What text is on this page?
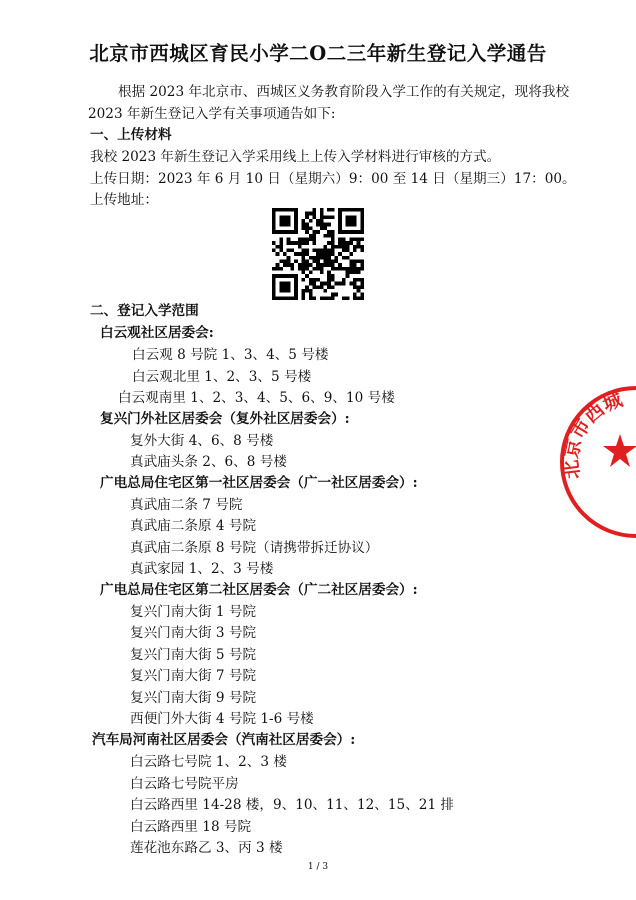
北京市西城区育民小学二O二三年新生登记入学通告
根据 2023 年北京市、西城区义务教育阶段入学工作的有关规定，现将我校
2023 年新生登记入学有关事项通告如下:
一、上传材料
我校 2023 年新生登记入学采用线上上传入学材料进行审核的方式。
上传日期：2023 年 6 月 10 日（星期六）9：00 至 14 日（星期三）17：00。
上传地址：
二、登记入学范围
白云观社区居委会:
白云观 8 号院 1、3、4、5 号楼
白云观北里 1、2、3、5 号楼
白云观南里 1、2、3、4、5、6、9、10 号楼
复兴门外社区居委会（复外社区居委会）:
复外大街 4、6、8 号楼
真武庙头条 2、6、8 号楼
广电总局住宅区第一社区居委会（广一社区居委会）:
真武庙二条 7 号院
真武庙二条原 4 号院
真武庙二条原 8 号院（请携带拆迁协议）
真武家园 1、2、3 号楼
广电总局住宅区第二社区居委会（广二社区居委会）:
复兴门南大街 1 号院
复兴门南大街 3 号院
复兴门南大街 5 号院
复兴门南大街 7 号院
复兴门南大街 9 号院
西便门外大街 4 号院 1-6 号楼
汽车局河南社区居委会（汽南社区居委会）:
白云路七号院 1、2、3 楼
白云路七号院平房
白云路西里 14-28 楼，9、10、11、12、15、21 排
白云路西里 18 号院
莲花池东路乙 3、丙 3 楼
北京市西城
1 / 3
